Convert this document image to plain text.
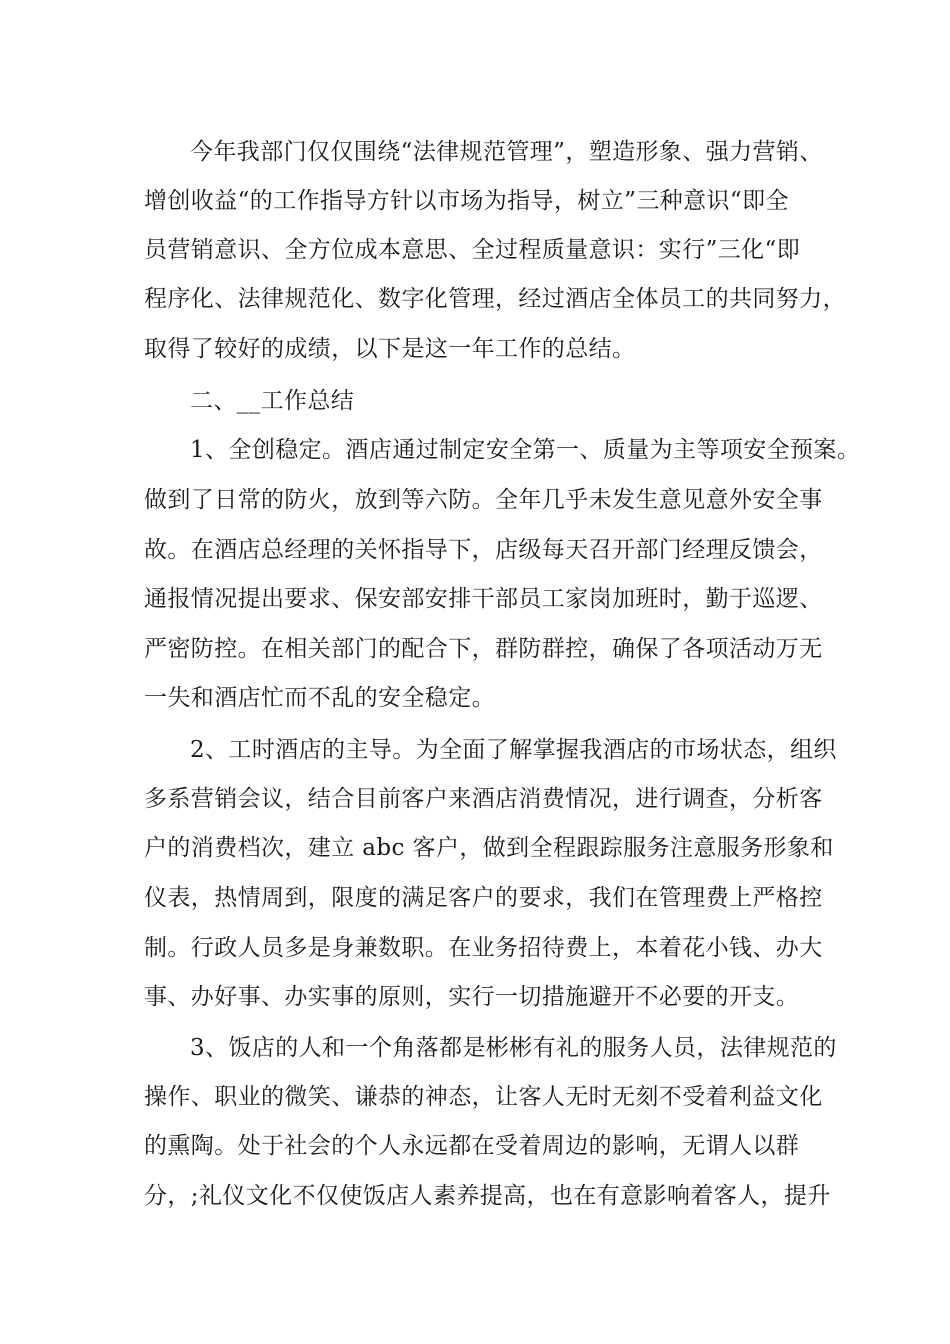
今年我部门仅仅围绕“法律规范管理”，塑造形象、强力营销、
增创收益“的工作指导方针以市场为指导，树立”三种意识“即全
员营销意识、全方位成本意思、全过程质量意识：实行”三化“即
程序化、法律规范化、数字化管理，经过酒店全体员工的共同努力，
取得了较好的成绩，以下是这一年工作的总结。
二、__工作总结
1、全创稳定。酒店通过制定安全第一、质量为主等项安全预案。
做到了日常的防火，放到等六防。全年几乎未发生意见意外安全事
故。在酒店总经理的关怀指导下，店级每天召开部门经理反馈会，
通报情况提出要求、保安部安排干部员工家岗加班时，勤于巡逻、
严密防控。在相关部门的配合下，群防群控，确保了各项活动万无
一失和酒店忙而不乱的安全稳定。
2、工时酒店的主导。为全面了解掌握我酒店的市场状态，组织
多系营销会议，结合目前客户来酒店消费情况，进行调查，分析客
户的消费档次，建立 abc 客户，做到全程跟踪服务注意服务形象和
仪表，热情周到，限度的满足客户的要求，我们在管理费上严格控
制。行政人员多是身兼数职。在业务招待费上，本着花小钱、办大
事、办好事、办实事的原则，实行一切措施避开不必要的开支。
3、饭店的人和一个角落都是彬彬有礼的服务人员，法律规范的
操作、职业的微笑、谦恭的神态，让客人无时无刻不受着利益文化
的熏陶。处于社会的个人永远都在受着周边的影响，无谓人以群
分，;礼仪文化不仅使饭店人素养提高，也在有意影响着客人，提升
